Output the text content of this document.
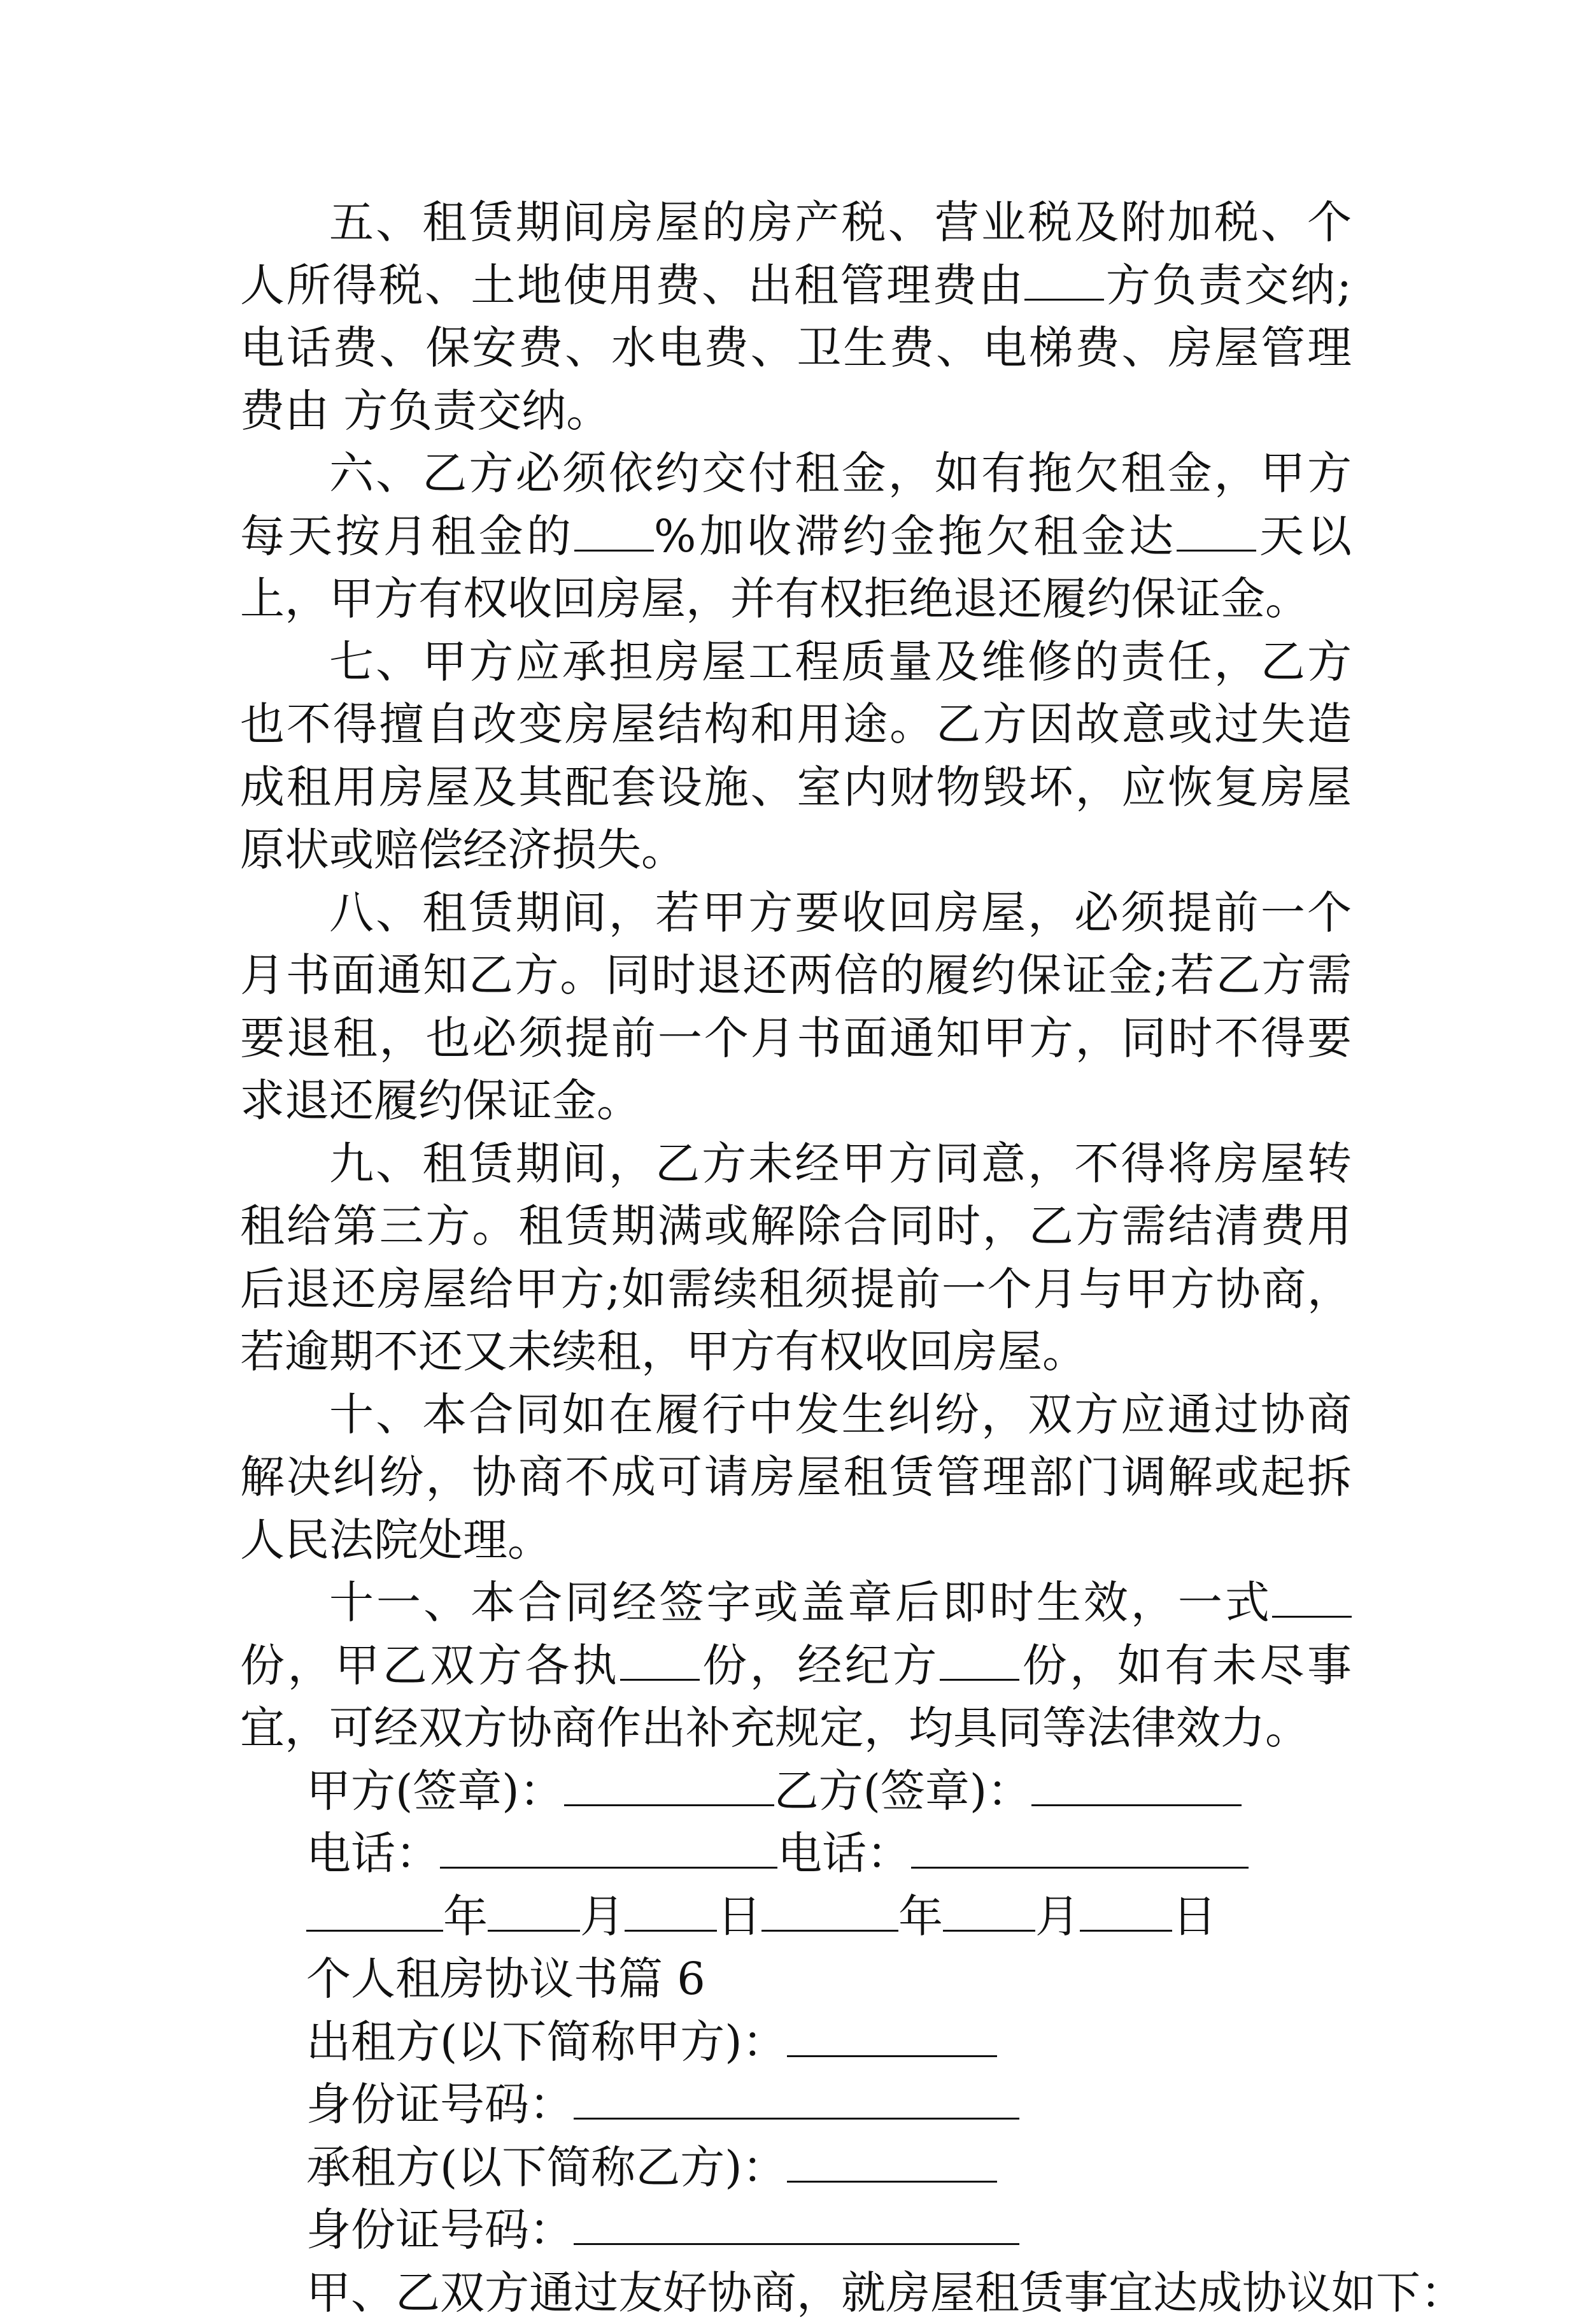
五、租赁期间房屋的房产税、营业税及附加税、个人所得税、土地使用费、出租管理费由 方负责交纳;电话费、保安费、水电费、卫生费、电梯费、房屋管理费由 方负责交纳。

六、乙方必须依约交付租金，如有拖欠租金，甲方每天按月租金的 %加收滞约金拖欠租金达 天以上，甲方有权收回房屋，并有权拒绝退还履约保证金。

七、甲方应承担房屋工程质量及维修的责任，乙方也不得擅自改变房屋结构和用途。乙方因故意或过失造成租用房屋及其配套设施、室内财物毁坏，应恢复房屋原状或赔偿经济损失。

八、租赁期间，若甲方要收回房屋，必须提前一个月书面通知乙方。同时退还两倍的履约保证金;若乙方需要退租，也必须提前一个月书面通知甲方，同时不得要求退还履约保证金。

九、租赁期间，乙方未经甲方同意，不得将房屋转租给第三方。租赁期满或解除合同时，乙方需结清费用后退还房屋给甲方;如需续租须提前一个月与甲方协商，若逾期不还又未续租，甲方有权收回房屋。

十、本合同如在履行中发生纠纷，双方应通过协商解决纠纷，协商不成可请房屋租赁管理部门调解或起拆人民法院处理。

十一、本合同经签字或盖章后即时生效，一式份，甲乙双方各执 份，经纪方 份，如有未尽事宜，可经双方协商作出补充规定，均具同等法律效力。

甲方(签章)：	乙方(签章)：

电话：	电话：

年 月 日	年 月 日

个人租房协议书篇 6

出租方(以下简称甲方)：

身份证号码：

承租方(以下简称乙方)：

身份证号码：

甲、乙双方通过友好协商，就房屋租赁事宜达成协议如下：
